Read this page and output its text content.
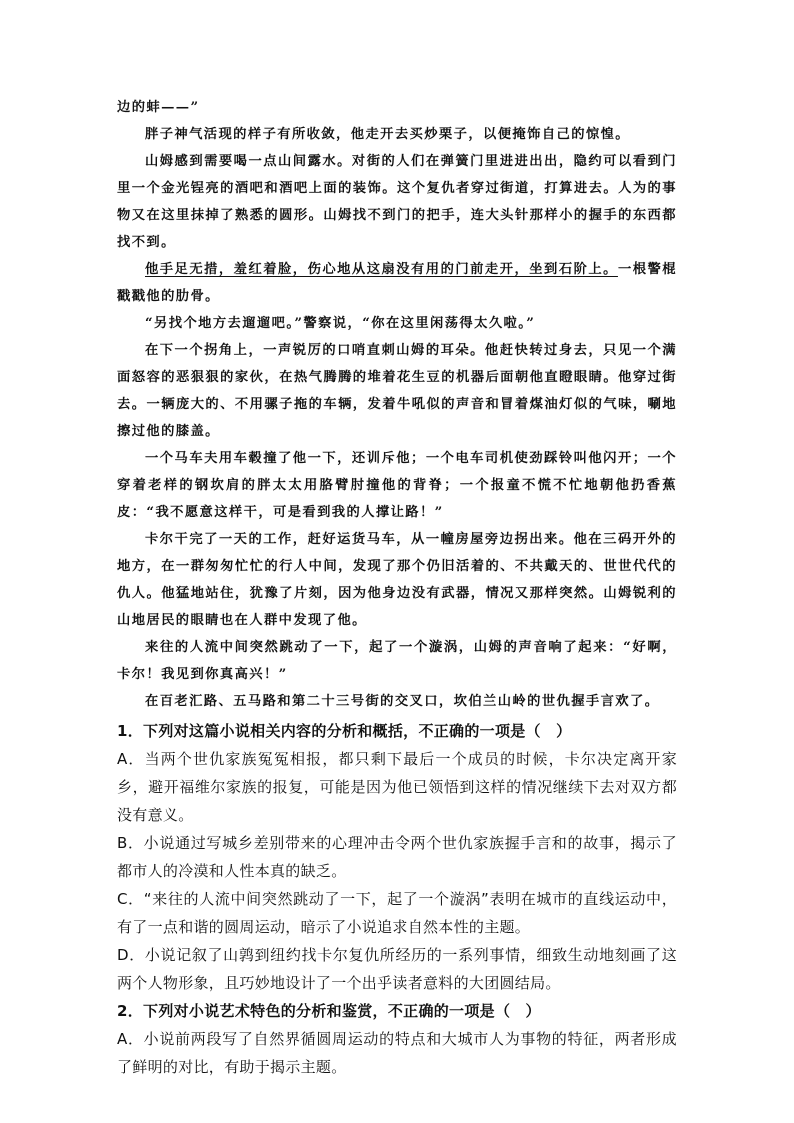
边的蚌——”

胖子神气活现的样子有所收敛，他走开去买炒栗子，以便掩饰自己的惊惶。

山姆感到需要喝一点山间露水。对街的人们在弹簧门里进进出出，隐约可以看到门里一个金光锃亮的酒吧和酒吧上面的装饰。这个复仇者穿过街道，打算进去。人为的事物又在这里抹掉了熟悉的圆形。山姆找不到门的把手，连大头针那样小的握手的东西都找不到。

他手足无措，羞红着脸，伤心地从这扇没有用的门前走开，坐到石阶上。一根警棍戳戳他的肋骨。

“另找个地方去遛遛吧。”警察说，“你在这里闲荡得太久啦。”

在下一个拐角上，一声锐厉的口哨直刺山姆的耳朵。他赶快转过身去，只见一个满面怒容的恶狠狠的家伙，在热气腾腾的堆着花生豆的机器后面朝他直瞪眼睛。他穿过街去。一辆庞大的、不用骡子拖的车辆，发着牛吼似的声音和冒着煤油灯似的气味，唰地擦过他的膝盖。

一个马车夫用车毂撞了他一下，还训斥他；一个电车司机使劲踩铃叫他闪开；一个穿着老样的钢坎肩的胖太太用胳臂肘撞他的背脊；一个报童不慌不忙地朝他扔香蕉皮：“我不愿意这样干，可是看到我的人撑让路！”

卡尔干完了一天的工作，赶好运货马车，从一幢房屋旁边拐出来。他在三码开外的地方，在一群匆匆忙忙的行人中间，发现了那个仍旧活着的、不共戴天的、世世代代的仇人。他猛地站住，犹豫了片刻，因为他身边没有武器，情况又那样突然。山姆锐利的山地居民的眼睛也在人群中发现了他。

来往的人流中间突然跳动了一下，起了一个漩涡，山姆的声音响了起来：“好啊，卡尔！我见到你真高兴！”

在百老汇路、五马路和第二十三号街的交叉口，坎伯兰山岭的世仇握手言欢了。

1．下列对这篇小说相关内容的分析和概括，不正确的一项是（　）

A．当两个世仇家族冤冤相报，都只剩下最后一个成员的时候，卡尔决定离开家乡，避开福维尔家族的报复，可能是因为他已领悟到这样的情况继续下去对双方都没有意义。

B．小说通过写城乡差别带来的心理冲击令两个世仇家族握手言和的故事，揭示了都市人的冷漠和人性本真的缺乏。

C．“来往的人流中间突然跳动了一下，起了一个漩涡”表明在城市的直线运动中，有了一点和谐的圆周运动，暗示了小说追求自然本性的主题。

D．小说记叙了山鹑到纽约找卡尔复仇所经历的一系列事情，细致生动地刻画了这两个人物形象，且巧妙地设计了一个出乎读者意料的大团圆结局。

2．下列对小说艺术特色的分析和鉴赏，不正确的一项是（　）

A．小说前两段写了自然界循圆周运动的特点和大城市人为事物的特征，两者形成了鲜明的对比，有助于揭示主题。
